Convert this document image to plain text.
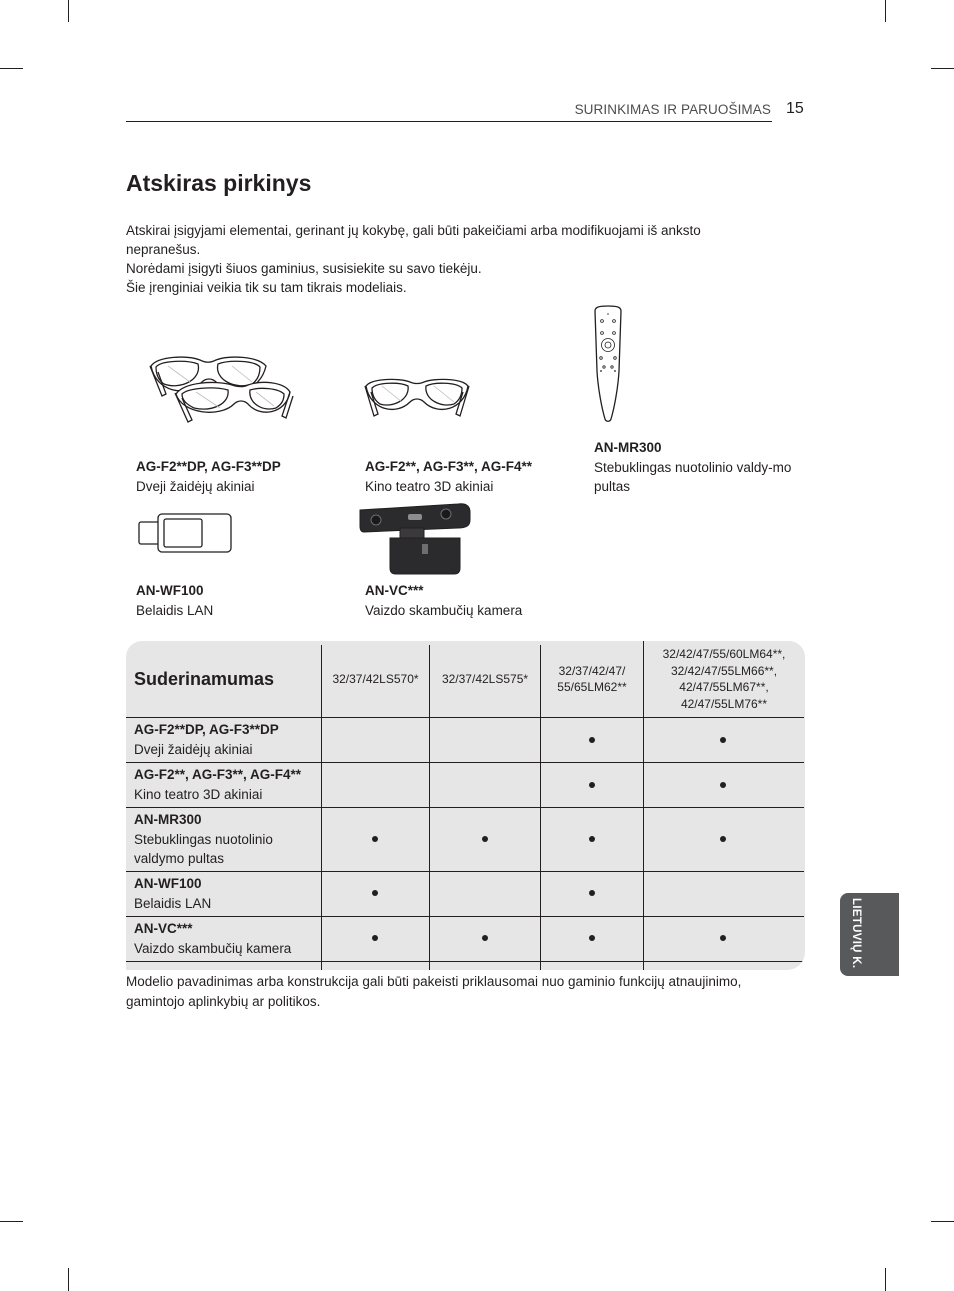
SURINKIMAS IR PARUOŠIMAS 15
Atskiras pirkinys

Atskirai įsigyjami elementai, gerinant jų kokybę, gali būti pakeičiami arba modifikuojami iš anksto nepranešus.

Norėdami įsigyti šiuos gaminius, susisiekite su savo tiekėju.

Šie įrenginiai veikia tik su tam tikrais modeliais.

AG-F2**DP, AG-F3**DP
Dveji žaidėjų akiniai
AG-F2**, AG-F3**, AG-F4**
Kino teatro 3D akiniai
AN-MR300
Stebuklingas nuotolinio valdy-mo pultas
AN-WF100
Belaidis LAN
AN-VC***
Vaizdo skambučių kamera
Suderinamumas	32/37/42LS570*	32/37/42LS575*
32/37/42/47/ 55/65LM62**
32/42/47/55/60LM64**, 32/42/47/55LM66**, 42/47/55LM67**, 42/47/55LM76**
AG-F2**DP, AG-F3**DP
Dveji žaidėjų akiniai
AG-F2**, AG-F3**, AG-F4**
Kino teatro 3D akiniai
AN-MR300
Stebuklingas nuotolinio valdymo pultas
AN-WF100
Belaidis LAN
AN-VC***
Vaizdo skambučių kamera
Modelio pavadinimas arba konstrukcija gali būti pakeisti priklausomai nuo gaminio funkcijų atnaujinimo, gamintojo aplinkybių ar politikos.
LIETUVIŲ K.
